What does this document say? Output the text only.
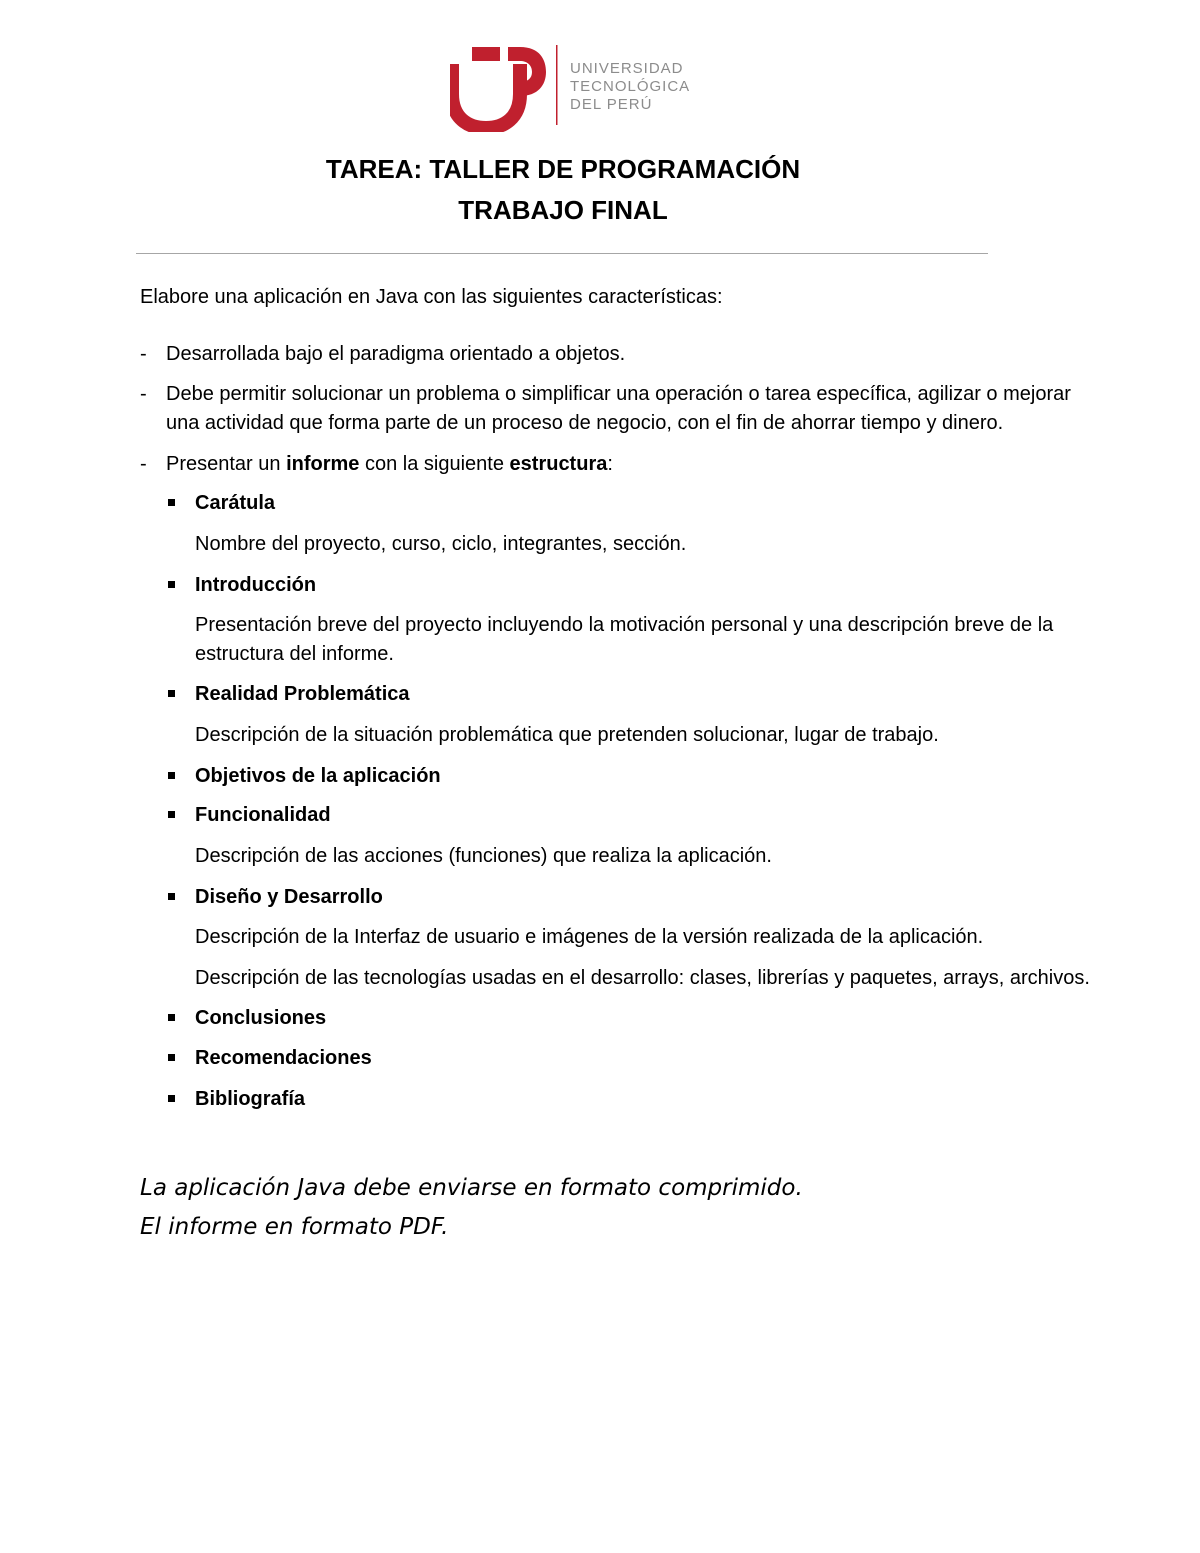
UNIVERSIDAD
TECNOLÓGICA
DEL PERÚ
TAREA: TALLER DE PROGRAMACIÓN
TRABAJO FINAL
Elabore una aplicación en Java con las siguientes características:
- Desarrollada bajo el paradigma orientado a objetos.
- Debe permitir solucionar un problema o simplificar una operación o tarea específica, agilizar o mejorar
una actividad que forma parte de un proceso de negocio, con el fin de ahorrar tiempo y dinero.
- Presentar un informe con la siguiente estructura:
Carátula
Nombre del proyecto, curso, ciclo, integrantes, sección.
Introducción
Presentación breve del proyecto incluyendo la motivación personal y una descripción breve de la
estructura del informe.
Realidad Problemática
Descripción de la situación problemática que pretenden solucionar, lugar de trabajo.
Objetivos de la aplicación
Funcionalidad
Descripción de las acciones (funciones) que realiza la aplicación.
Diseño y Desarrollo
Descripción de la Interfaz de usuario e imágenes de la versión realizada de la aplicación.
Descripción de las tecnologías usadas en el desarrollo: clases, librerías y paquetes, arrays, archivos.
Conclusiones
Recomendaciones
Bibliografía
La aplicación Java debe enviarse en formato comprimido.
El informe en formato PDF.
